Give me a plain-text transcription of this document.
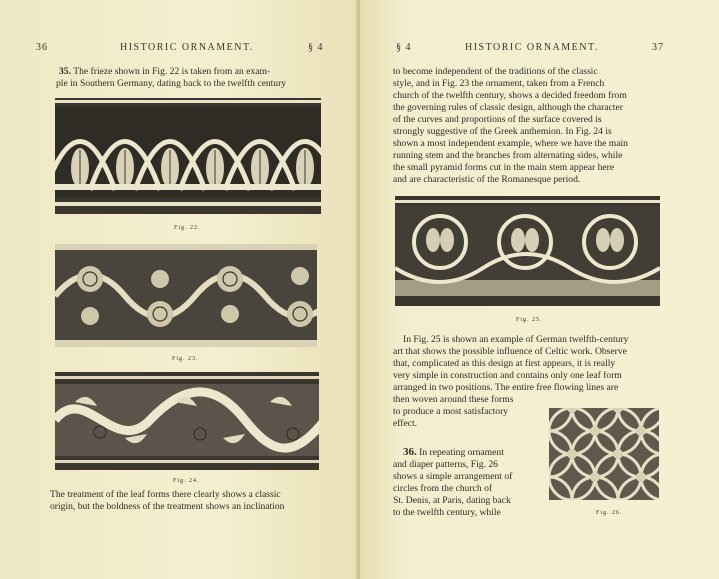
36	HISTORIC ORNAMENT.	§ 4

35. The frieze shown in Fig. 22 is taken from an exam-

ple in Southern Germany, dating back to the twelfth century

Fig. 22.
Fig. 23.
Fig. 24.

The treatment of the leaf forms there clearly shows a classic

origin, but the boldness of the treatment shows an inclination

§ 4	HISTORIC ORNAMENT.	37

to become independent of the traditions of the classic

style, and in Fig. 23 the ornament, taken from a French

church of the twelfth century, shows a decided freedom from

the governing rules of classic design, although the character

of the curves and proportions of the surface covered is

strongly suggestive of the Greek anthemion. In Fig. 24 is

shown a most independent example, where we have the main

running stem and the branches from alternating sides, while

the small pyramid forms cut in the main stem appear here

and are characteristic of the Romanesque period.

Fig. 25.

In Fig. 25 is shown an example of German twelfth-century

art that shows the possible influence of Celtic work. Observe

that, complicated as this design at first appears, it is really

very simple in construction and contains only one leaf form

arranged in two positions. The entire free flowing lines are

then woven around these forms

to produce a most satisfactory

effect.

36. In repeating ornament

and diaper patterns, Fig. 26

shows a simple arrangement of

circles from the church of

St. Denis, at Paris, dating back

to the twelfth century, while	Fig. 26.
